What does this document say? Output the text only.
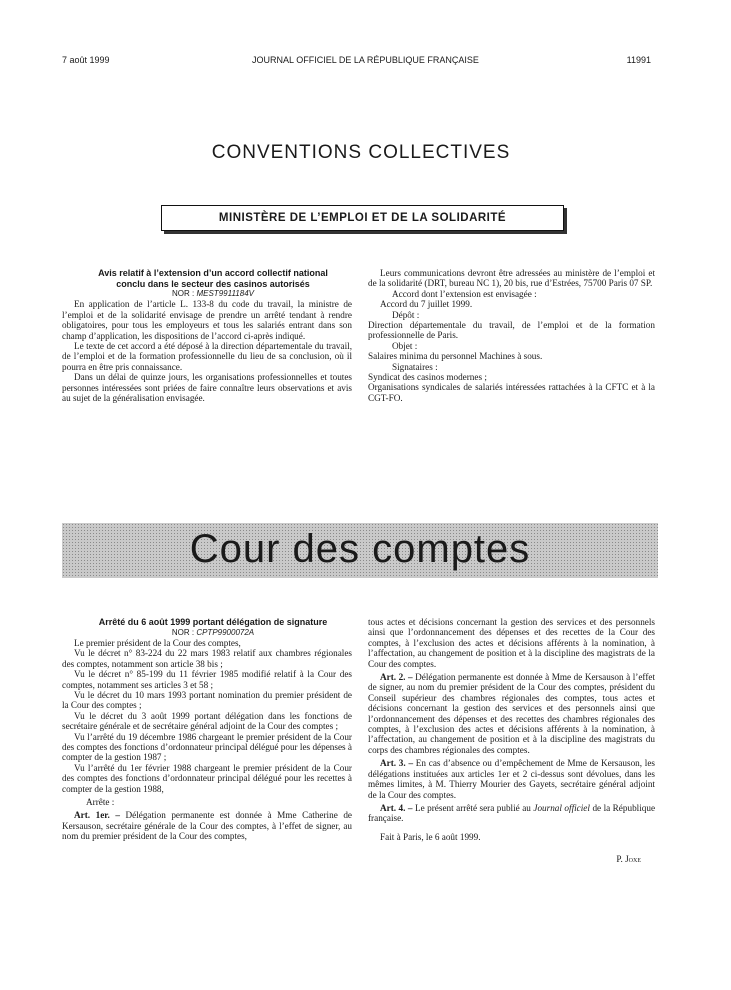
7 août 1999	JOURNAL OFFICIEL DE LA RÉPUBLIQUE FRANÇAISE	11991
CONVENTIONS COLLECTIVES
MINISTÈRE DE L’EMPLOI ET DE LA SOLIDARITÉ

Avis relatif à l’extension d’un accord collectif national

conclu dans le secteur des casinos autorisés

NOR : MEST9911184V

En application de l’article L. 133-8 du code du travail, la ministre de l’emploi et de la solidarité envisage de prendre un arrêté tendant à rendre obligatoires, pour tous les employeurs et tous les salariés entrant dans son champ d’application, les dispositions de l’accord ci-après indiqué.

Le texte de cet accord a été déposé à la direction départementale du travail, de l’emploi et de la formation professionnelle du lieu de sa conclusion, où il pourra en être pris connaissance.

Dans un délai de quinze jours, les organisations professionnelles et toutes personnes intéressées sont priées de faire connaître leurs observations et avis au sujet de la généralisation envisagée.

Leurs communications devront être adressées au ministère de l’emploi et de la solidarité (DRT, bureau NC 1), 20 bis, rue d’Estrées, 75700 Paris 07 SP.

Accord dont l’extension est envisagée :

Accord du 7 juillet 1999.

Dépôt :

Direction départementale du travail, de l’emploi et de la formation professionnelle de Paris.

Objet :

Salaires minima du personnel Machines à sous.

Signataires :

Syndicat des casinos modernes ;

Organisations syndicales de salariés intéressées rattachées à la CFTC et à la CGT-FO.

Cour des comptes

Arrêté du 6 août 1999 portant délégation de signature

NOR : CPTP9900072A

Le premier président de la Cour des comptes,

Vu le décret n° 83-224 du 22 mars 1983 relatif aux chambres régionales des comptes, notamment son article 38 bis ;

Vu le décret n° 85-199 du 11 février 1985 modifié relatif à la Cour des comptes, notamment ses articles 3 et 58 ;

Vu le décret du 10 mars 1993 portant nomination du premier président de la Cour des comptes ;

Vu le décret du 3 août 1999 portant délégation dans les fonctions de secrétaire générale et de secrétaire général adjoint de la Cour des comptes ;

Vu l’arrêté du 19 décembre 1986 chargeant le premier président de la Cour des comptes des fonctions d’ordonnateur principal délégué pour les dépenses à compter de la gestion 1987 ;

Vu l’arrêté du 1er février 1988 chargeant le premier président de la Cour des comptes des fonctions d’ordonnateur principal délégué pour les recettes à compter de la gestion 1988,

Arrête :

Art. 1er. – Délégation permanente est donnée à Mme Catherine de Kersauson, secrétaire générale de la Cour des comptes, à l’effet de signer, au nom du premier président de la Cour des comptes,

tous actes et décisions concernant la gestion des services et des personnels ainsi que l’ordonnancement des dépenses et des recettes de la Cour des comptes, à l’exclusion des actes et décisions afférents à la nomination, à l’affectation, au changement de position et à la discipline des magistrats de la Cour des comptes.

Art. 2. – Délégation permanente est donnée à Mme de Kersauson à l’effet de signer, au nom du premier président de la Cour des comptes, président du Conseil supérieur des chambres régionales des comptes, tous actes et décisions concernant la gestion des services et des personnels ainsi que l’ordonnancement des dépenses et des recettes des chambres régionales des comptes, à l’exclusion des actes et décisions afférents à la nomination, à l’affectation, au changement de position et à la discipline des magistrats du corps des chambres régionales des comptes.

Art. 3. – En cas d’absence ou d’empêchement de Mme de Kersauson, les délégations instituées aux articles 1er et 2 ci-dessus sont dévolues, dans les mêmes limites, à M. Thierry Mourier des Gayets, secrétaire général adjoint de la Cour des comptes.

Art. 4. – Le présent arrêté sera publié au Journal officiel de la République française.

Fait à Paris, le 6 août 1999.

P. Joxe
